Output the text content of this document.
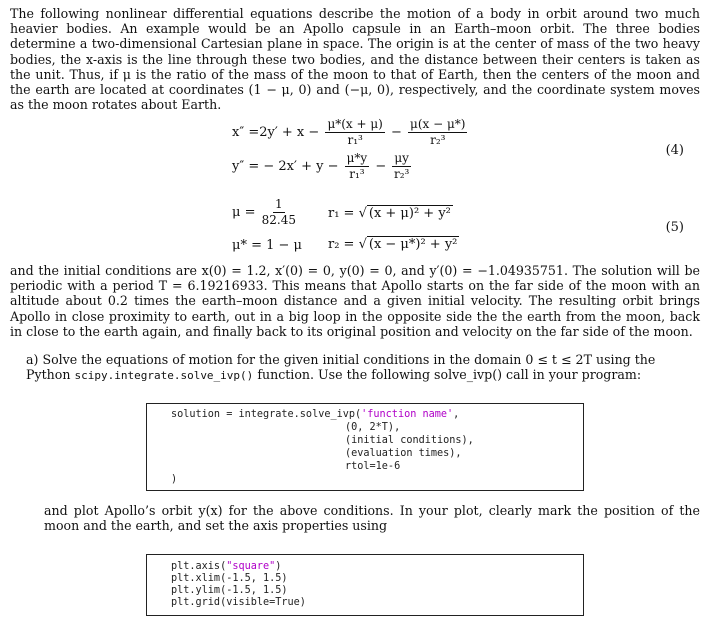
The following nonlinear differential equations describe the motion of a body in orbit around two much heavier bodies. An example would be an Apollo capsule in an Earth–moon orbit. The three bodies determine a two-dimensional Cartesian plane in space. The origin is at the center of mass of the two heavy bodies, the x-axis is the line through these two bodies, and the distance between their centers is taken as the unit. Thus, if μ is the ratio of the mass of the moon to that of Earth, then the centers of the moon and the earth are located at coordinates (1 − μ, 0) and (−μ, 0), respectively, and the coordinate system moves as the moon rotates about Earth.

$x'' =2y' + x - \frac{\mu*(x + \mu)}{\text{r₁³}} - \frac{\mu(x - \mu*)}{\text{r₂³}}$
y″ = − $2x' + y - \frac{\mu*y}{\text{r₁³}} - \frac{\mu y}{\text{r₂³}}$
(4)
$\mu = \frac{1}{82.45} r_1$ = √ (x + μ)² + y²
μ* = 1 − μ r₂ = √ (x − μ*)² + y²
(5)

and the initial conditions are x(0) = 1.2, x′(0) = 0, y(0) = 0, and y′(0) = −1.04935751. The solution will be periodic with a period T = 6.19216933. This means that Apollo starts on the far side of the moon with an altitude about 0.2 times the earth–moon distance and a given initial velocity. The resulting orbit brings Apollo in close proximity to earth, out in a big loop in the opposite side the the earth from the moon, back in close to the earth again, and finally back to its original position and velocity on the far side of the moon.

a) Solve the equations of motion for the given initial conditions in the domain 0 ≤ t ≤ 2T using the Python scipy.integrate.solve_ivp() function. Use the following solve_ivp() call in your program:
solution = integrate.solve_ivp('function name',
(0, 2*T),
(initial conditions),
(evaluation times),
rtol=1e-6
)

and plot Apollo’s orbit y(x) for the above conditions. In your plot, clearly mark the position of the moon and the earth, and set the axis properties using

plt.axis("square")
plt.xlim(-1.5, 1.5)
plt.ylim(-1.5, 1.5)
plt.grid(visible=True)
